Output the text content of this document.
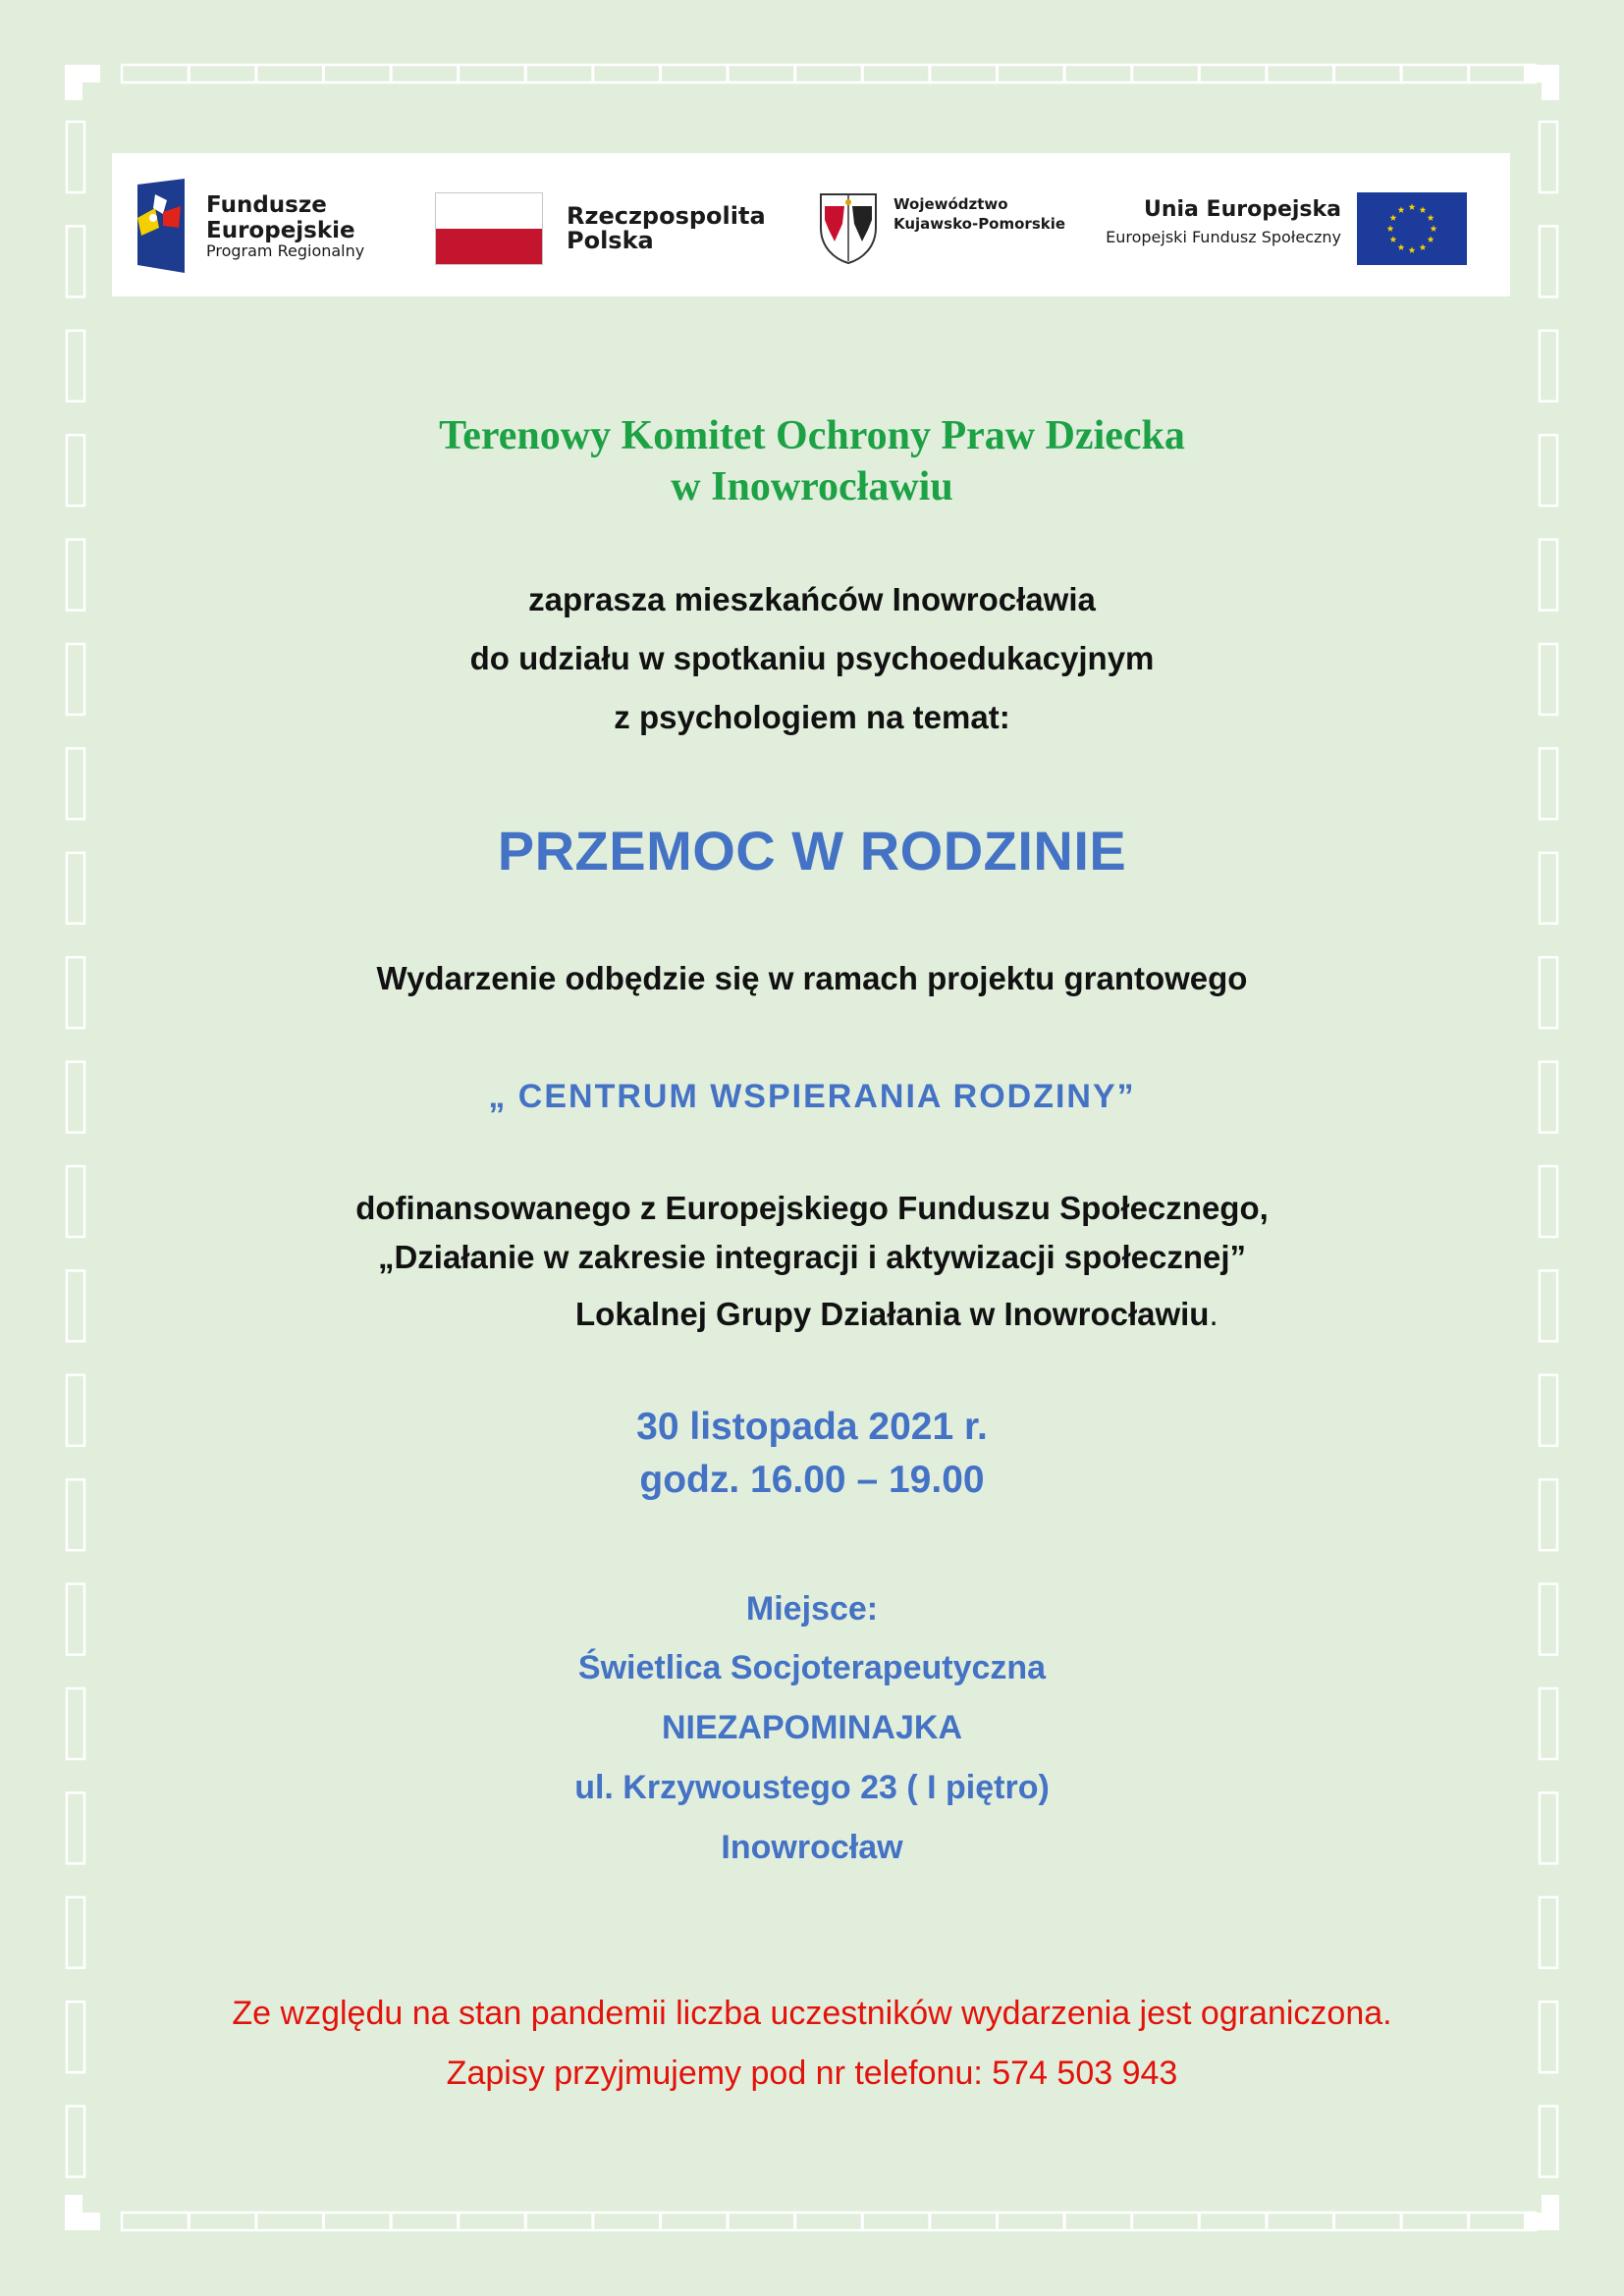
Fundusze
Europejskie
Program Regionalny
Rzeczpospolita
Polska
Województwo
Kujawsko-Pomorskie
Unia Europejska
Europejski Fundusz Społeczny
Terenowy Komitet Ochrony Praw Dziecka
w Inowrocławiu
zaprasza mieszkańców Inowrocławia
do udziału w spotkaniu psychoedukacyjnym
z psychologiem na temat:
PRZEMOC W RODZINIE
Wydarzenie odbędzie się w ramach projektu grantowego
„ CENTRUM WSPIERANIA RODZINY”
dofinansowanego z Europejskiego Funduszu Społecznego,
„Działanie w zakresie integracji i aktywizacji społecznej”
Lokalnej Grupy Działania w Inowrocławiu.
30 listopada 2021 r.
godz. 16.00 – 19.00
Miejsce:
Świetlica Socjoterapeutyczna
NIEZAPOMINAJKA
ul. Krzywoustego 23 ( I piętro)
Inowrocław
Ze względu na stan pandemii liczba uczestników wydarzenia jest ograniczona.
Zapisy przyjmujemy pod nr telefonu: 574 503 943
